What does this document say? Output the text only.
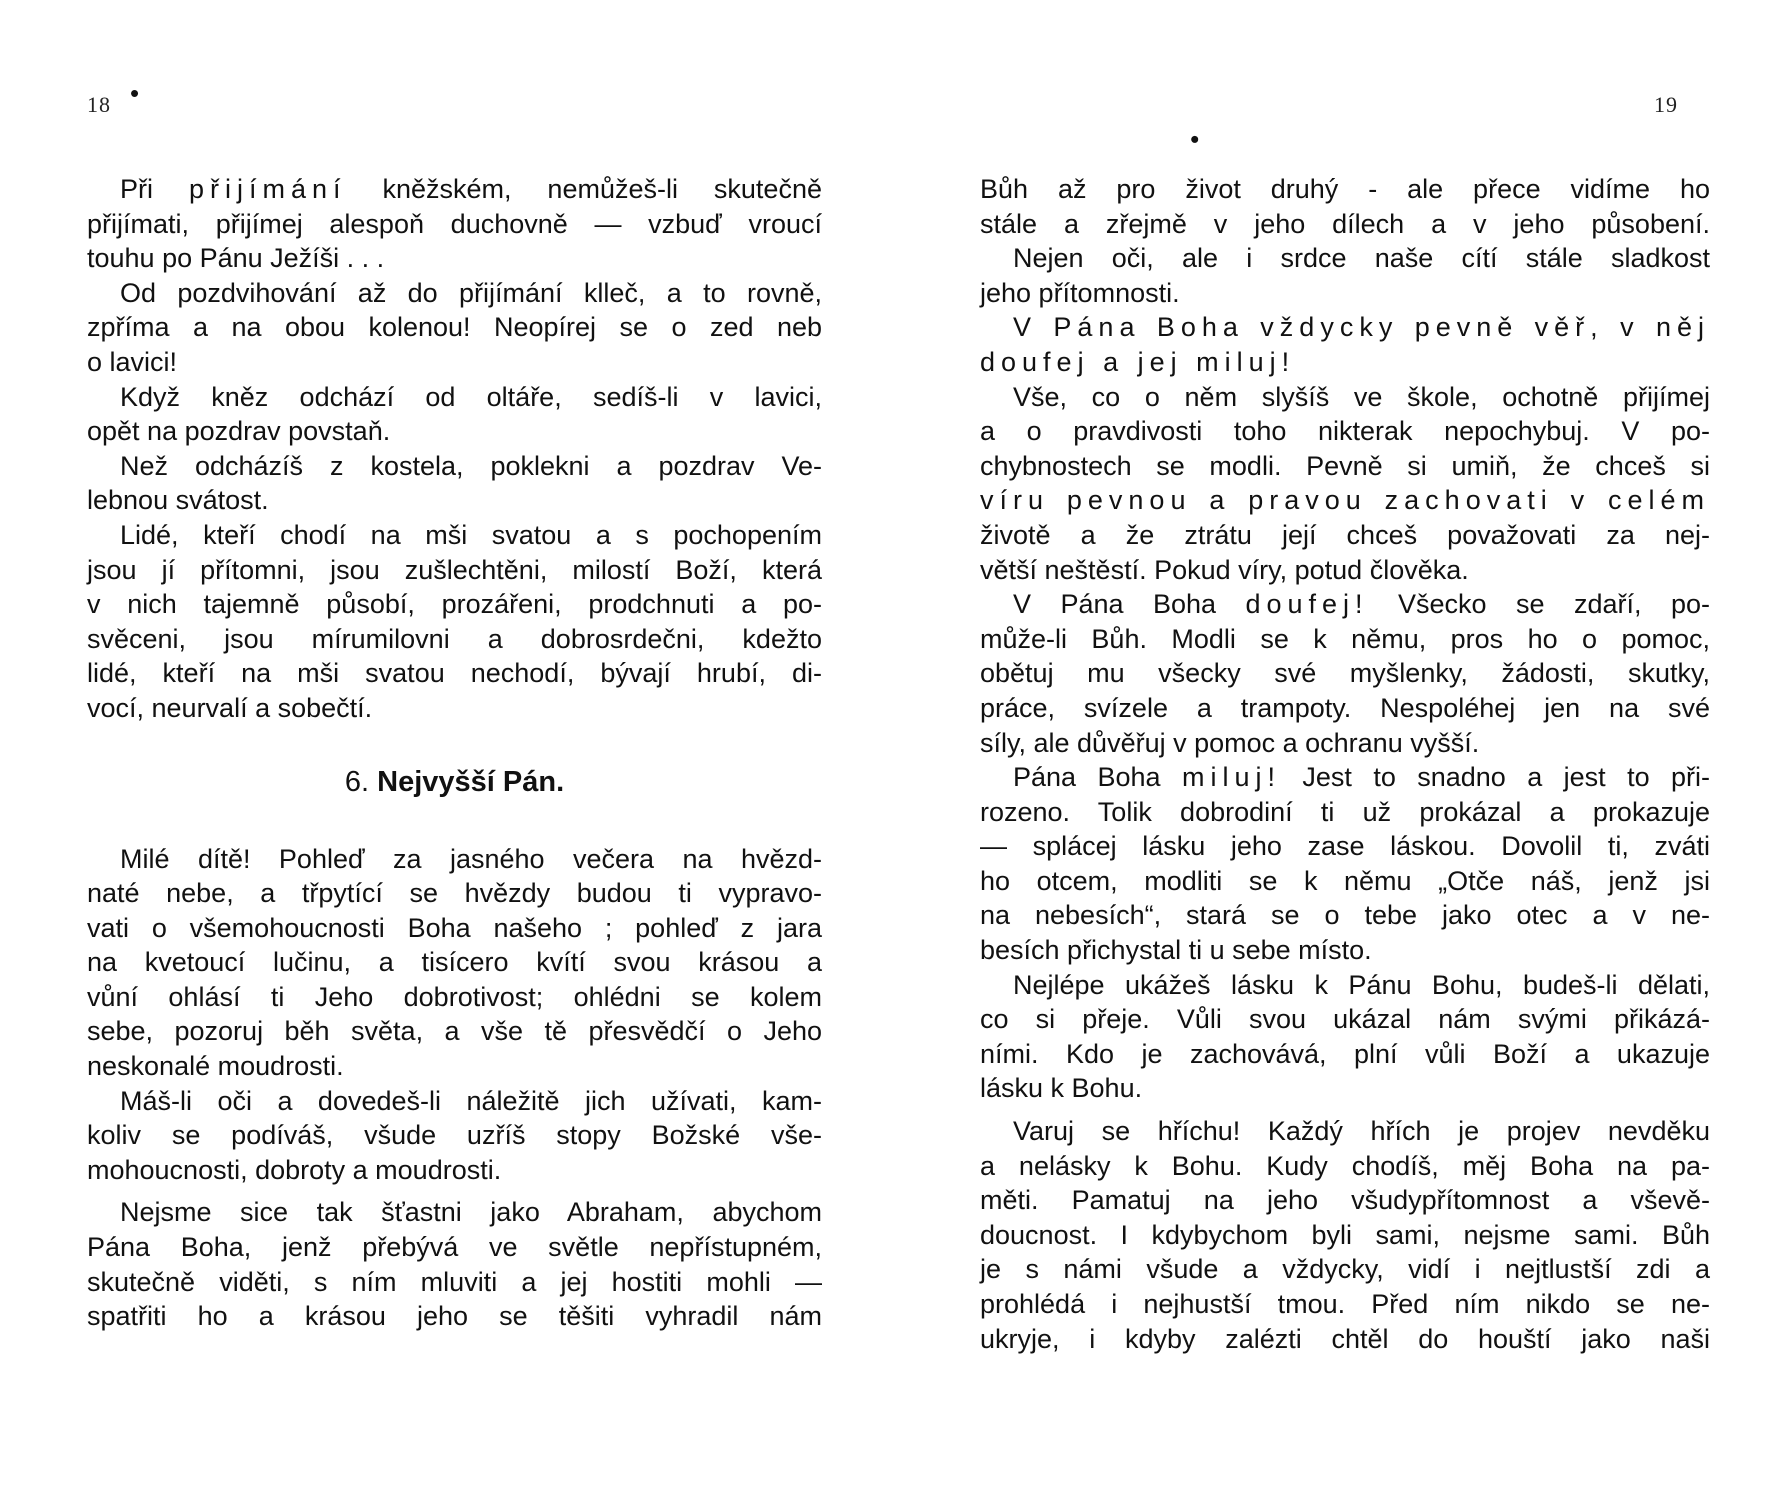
18 •
Při přijímání kněžském, nemůžeš-li skutečně
přijímati, přijímej alespoň duchovně — vzbuď vroucí
touhu po Pánu Ježíši . . .
Od pozdvihování až do přijímání klleč, a to rovně,
zpříma a na obou kolenou! Neopírej se o zed neb
o lavici!
Když kněz odchází od oltáře, sedíš-li v lavici,
opět na pozdrav povstaň.
Než odcházíš z kostela, poklekni a pozdrav Ve-
lebnou svátost.
Lidé, kteří chodí na mši svatou a s pochopením
jsou jí přítomni, jsou zušlechtěni, milostí Boží, která
v nich tajemně působí, prozářeni, prodchnuti a po-
svěceni, jsou mírumilovni a dobrosrdečni, kdežto
lidé, kteří na mši svatou nechodí, bývají hrubí, di-
vocí, neurvalí a sobečtí.
6. Nejvyšší Pán.
Milé dítě! Pohleď za jasného večera na hvězd-
naté nebe, a třpytící se hvězdy budou ti vypravo-
vati o všemohoucnosti Boha našeho ; pohleď z jara
na kvetoucí lučinu, a tisícero kvítí svou krásou a
vůní ohlásí ti Jeho dobrotivost; ohlédni se kolem
sebe, pozoruj běh světa, a vše tě přesvědčí o Jeho
neskonalé moudrosti.
Máš-li oči a dovedeš-li náležitě jich užívati, kam-
koliv se podíváš, všude uzříš stopy Božské vše-
mohoucnosti, dobroty a moudrosti.
Nejsme sice tak šťastni jako Abraham, abychom
Pána Boha, jenž přebývá ve světle nepřístupném,
skutečně viděti, s ním mluviti a jej hostiti mohli —
spatřiti ho a krásou jeho se těšiti vyhradil nám
19
•
Bůh až pro život druhý - ale přece vidíme ho
stále a zřejmě v jeho dílech a v jeho působení.
Nejen oči, ale i srdce naše cítí stále sladkost
jeho přítomnosti.
V Pána Boha vždycky pevně věř, v něj
doufej a jej miluj!
Vše, co o něm slyšíš ve škole, ochotně přijímej
a o pravdivosti toho nikterak nepochybuj. V po-
chybnostech se modli. Pevně si umiň, že chceš si
víru pevnou a pravou zachovati v celém
životě a že ztrátu její chceš považovati za nej-
větší neštěstí. Pokud víry, potud člověka.
V Pána Boha doufej! Všecko se zdaří, po-
může-li Bůh. Modli se k němu, pros ho o pomoc,
obětuj mu všecky své myšlenky, žádosti, skutky,
práce, svízele a trampoty. Nespoléhej jen na své
síly, ale důvěřuj v pomoc a ochranu vyšší.
Pána Boha miluj! Jest to snadno a jest to při-
rozeno. Tolik dobrodiní ti už prokázal a prokazuje
— splácej lásku jeho zase láskou. Dovolil ti, zváti
ho otcem, modliti se k němu „Otče náš, jenž jsi
na nebesích“, stará se o tebe jako otec a v ne-
besích přichystal ti u sebe místo.
Nejlépe ukážeš lásku k Pánu Bohu, budeš-li dělati,
co si přeje. Vůli svou ukázal nám svými přikázá-
ními. Kdo je zachovává, plní vůli Boží a ukazuje
lásku k Bohu.
Varuj se hříchu! Každý hřích je projev nevděku
a nelásky k Bohu. Kudy chodíš, měj Boha na pa-
měti. Pamatuj na jeho všudypřítomnost a vševě-
doucnost. I kdybychom byli sami, nejsme sami. Bůh
je s námi všude a vždycky, vidí i nejtlustší zdi a
prohlédá i nejhustší tmou. Před ním nikdo se ne-
ukryje, i kdyby zalézti chtěl do houští jako naši
